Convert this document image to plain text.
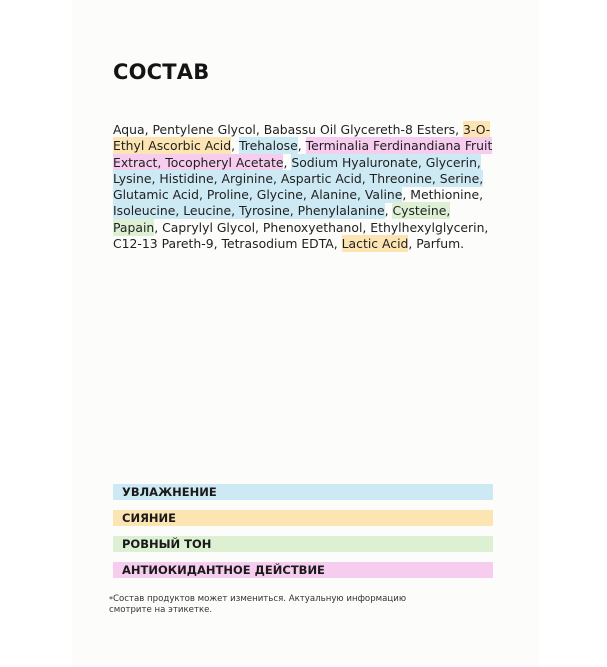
СОСТАВ

Aqua, Pentylene Glycol, Babassu Oil Glycereth-8 Esters, 3-O-Ethyl Ascorbic Acid, Trehalose, Terminalia Ferdinandiana Fruit Extract, Tocopheryl Acetate, Sodium Hyaluronate, Glycerin, Lysine, Histidine, Arginine, Aspartic Acid, Threonine, Serine, Glutamic Acid, Proline, Glycine, Alanine, Valine, Methionine, Isoleucine, Leucine, Tyrosine, Phenylalanine, Cysteine, Papain, Caprylyl Glycol, Phenoxyethanol, Ethylhexylglycerin, C12-13 Pareth-9, Tetrasodium EDTA, Lactic Acid, Parfum.

УВЛАЖНЕНИЕ
СИЯНИЕ
РОВНЫЙ ТОН
АНТИОКИДАНТНОЕ ДЕЙСТВИЕ

*Состав продуктов может измениться. Актуальную информацию смотрите на этикетке.
